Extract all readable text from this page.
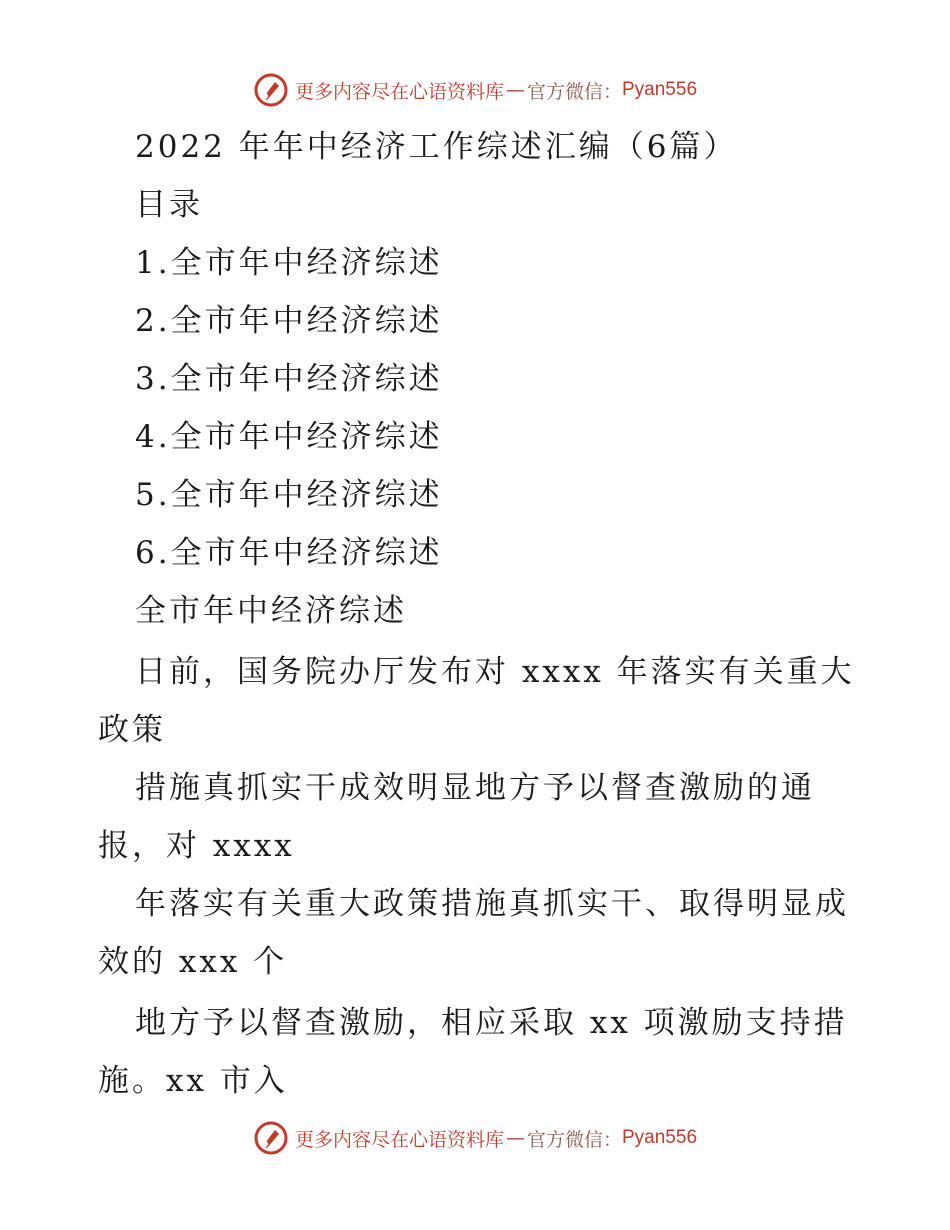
更多内容尽在心语资料库 — 官方微信： Pyan556
2022 年年中经济工作综述汇编（6篇）
目录
1.全市年中经济综述
2.全市年中经济综述
3.全市年中经济综述
4.全市年中经济综述
5.全市年中经济综述
6.全市年中经济综述
全市年中经济综述
日前，国务院办厅发布对 xxxx 年落实有关重大
政策
措施真抓实干成效明显地方予以督查激励的通
报，对 xxxx
年落实有关重大政策措施真抓实干、取得明显成
效的 xxx 个
地方予以督查激励，相应采取 xx 项激励支持措
施。xx 市入
更多内容尽在心语资料库 — 官方微信： Pyan556
